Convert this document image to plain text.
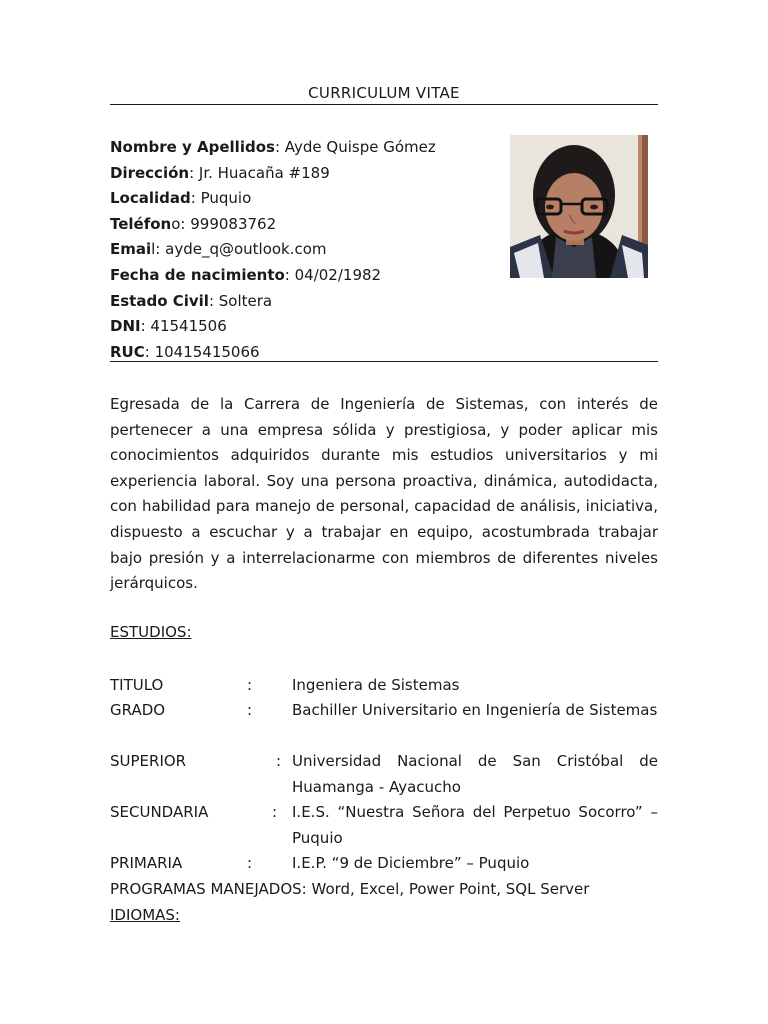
CURRICULUM VITAE
Nombre y Apellidos: Ayde Quispe Gómez
Dirección: Jr. Huacaña #189
Localidad: Puquio
Teléfono: 999083762
Email: ayde_q@outlook.com
Fecha de nacimiento: 04/02/1982
Estado Civil: Soltera
DNI: 41541506
RUC: 10415415066
Egresada de la Carrera de Ingeniería de Sistemas, con interés de pertenecer a una empresa sólida y prestigiosa, y poder aplicar mis conocimientos adquiridos durante mis estudios universitarios y mi experiencia laboral. Soy una persona proactiva, dinámica, autodidacta, con habilidad para manejo de personal, capacidad de análisis, iniciativa, dispuesto a escuchar y a trabajar en equipo, acostumbrada trabajar bajo presión y a interrelacionarme con miembros de diferentes niveles jerárquicos.
ESTUDIOS:
TITULO	:	Ingeniera de Sistemas
GRADO	:	Bachiller Universitario en Ingeniería de Sistemas
SUPERIOR	: Universidad Nacional de San Cristóbal de Huamanga - Ayacucho
SECUNDARIA	: I.E.S. “Nuestra Señora del Perpetuo Socorro” – Puquio
PRIMARIA	:	I.E.P. “9 de Diciembre” – Puquio
PROGRAMAS MANEJADOS: Word, Excel, Power Point, SQL Server
IDIOMAS:
